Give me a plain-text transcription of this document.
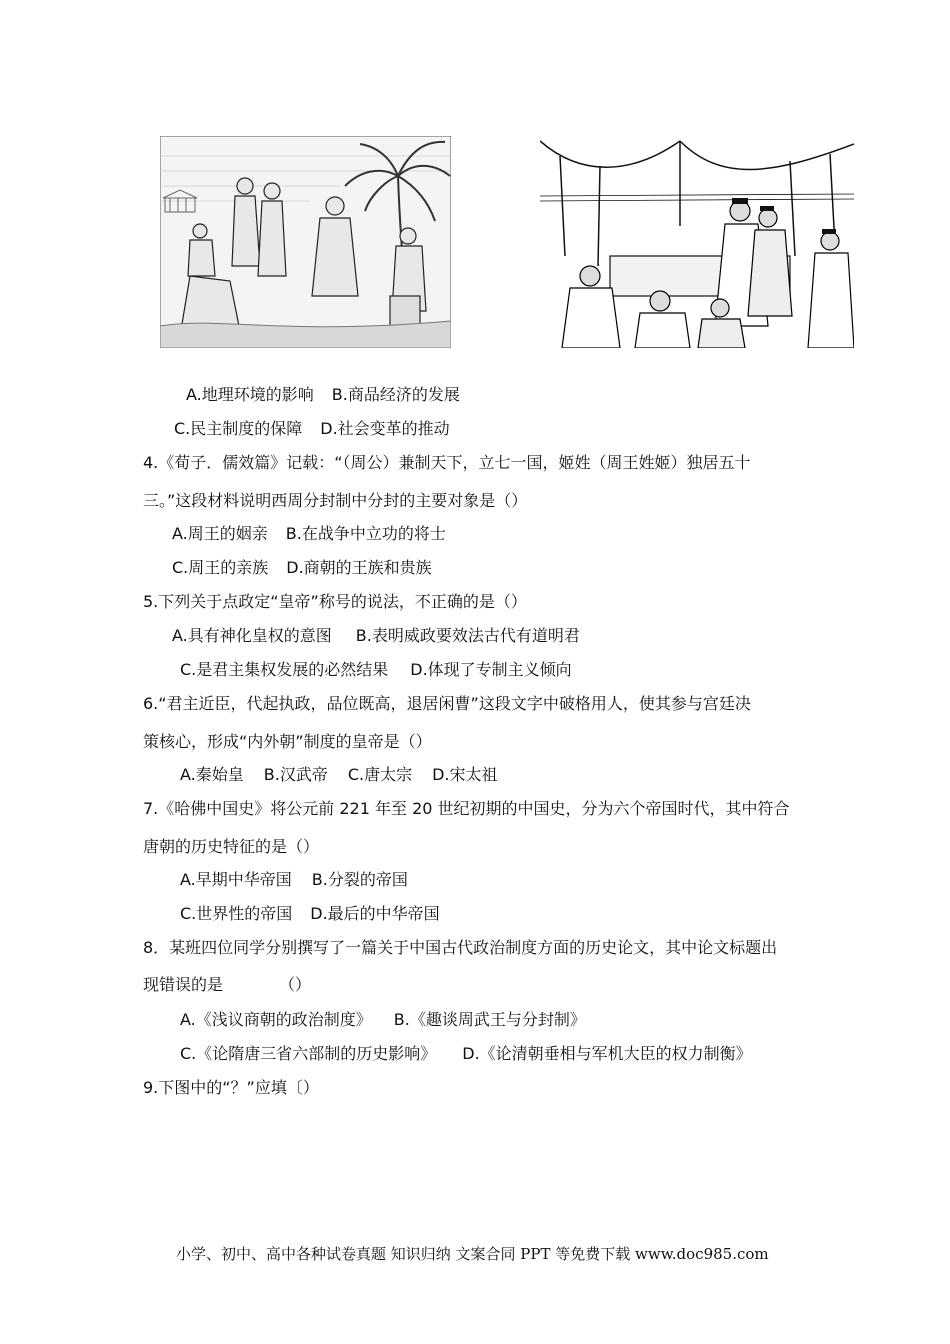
A.地理环境的影响 B.商品经济的发展
C.民主制度的保障 D.社会变革的推动
4.《荀子．儒效篇》记载：“（周公）兼制天下，立七一国，姬姓（周王姓姬）独居五十
三。”这段材料说明西周分封制中分封的主要对象是（）
A.周王的姻亲 B.在战争中立功的将士
C.周王的亲族 D.商朝的王族和贵族
5.下列关于点政定“皇帝”称号的说法，不正确的是（）
A.具有神化皇权的意图 B.表明威政要效法古代有道明君
C.是君主集权发展的必然结果 D.体现了专制主义倾向
6.“君主近臣，代起执政，品位既高，退居闲曹”这段文字中破格用人，使其参与宫廷决
策核心，形成“内外朝”制度的皇帝是（）
A.秦始皇 B.汉武帝 C.唐太宗 D.宋太祖
7.《哈佛中国史》将公元前 221 年至 20 世纪初期的中国史，分为六个帝国时代，其中符合
唐朝的历史特征的是（）
A.早期中华帝国 B.分裂的帝国
C.世界性的帝国 D.最后的中华帝国
8．某班四位同学分别撰写了一篇关于中国古代政治制度方面的历史论文，其中论文标题出
现错误的是	（）
A.《浅议商朝的政治制度》 B.《趣谈周武王与分封制》
C.《论隋唐三省六部制的历史影响》 D.《论清朝垂相与军机大臣的权力制衡》
9.下图中的“？”应填〔）
小学、初中、高中各种试卷真题 知识归纳 文案合同 PPT 等免费下载 www.doc985.com
